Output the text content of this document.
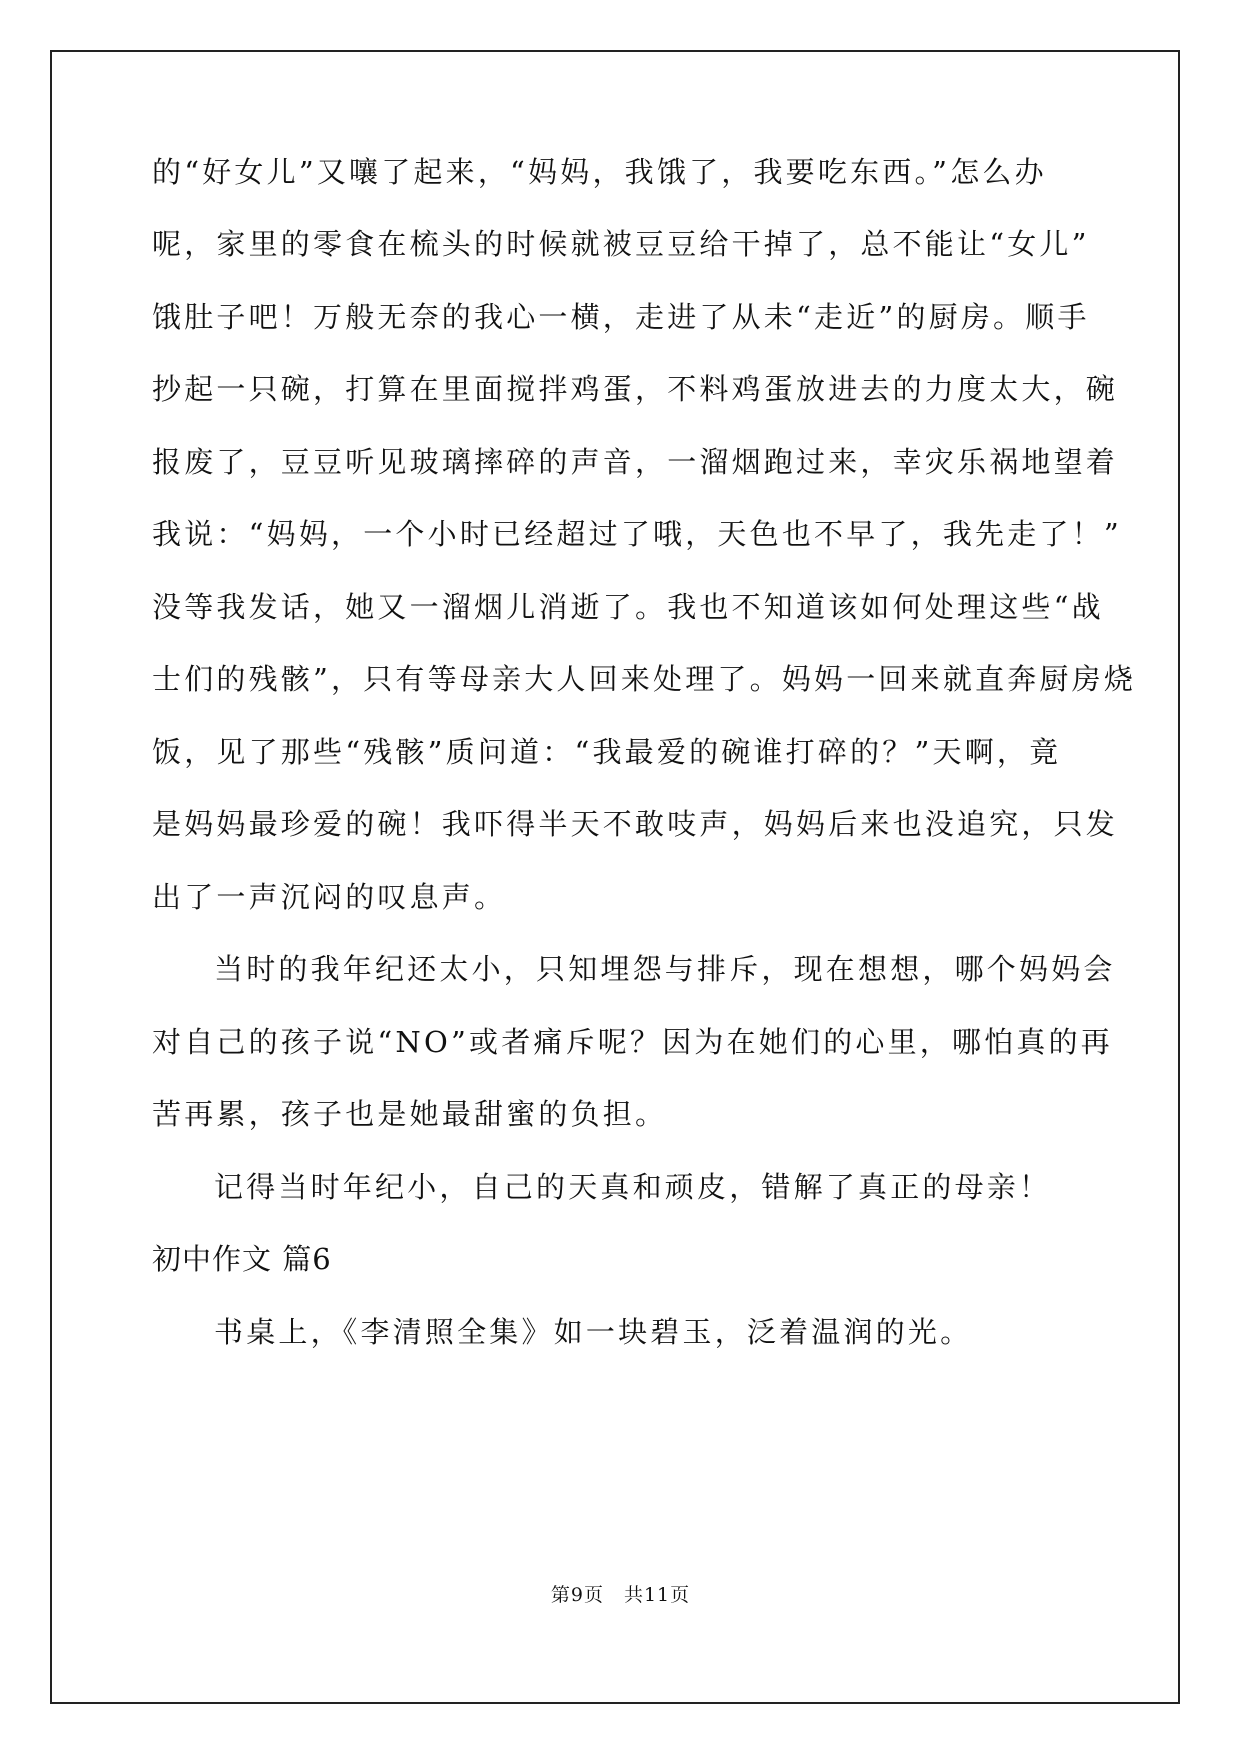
的“好女儿”又嚷了起来，“妈妈，我饿了，我要吃东西。”怎么办
呢，家里的零食在梳头的时候就被豆豆给干掉了，总不能让“女儿”
饿肚子吧！万般无奈的我心一横，走进了从未“走近”的厨房。顺手
抄起一只碗，打算在里面搅拌鸡蛋，不料鸡蛋放进去的力度太大，碗
报废了，豆豆听见玻璃摔碎的声音，一溜烟跑过来，幸灾乐祸地望着
我说：“妈妈，一个小时已经超过了哦，天色也不早了，我先走了！”
没等我发话，她又一溜烟儿消逝了。我也不知道该如何处理这些“战
士们的残骸”，只有等母亲大人回来处理了。妈妈一回来就直奔厨房烧
饭，见了那些“残骸”质问道：“我最爱的碗谁打碎的？”天啊，竟
是妈妈最珍爱的碗！我吓得半天不敢吱声，妈妈后来也没追究，只发
出了一声沉闷的叹息声。
当时的我年纪还太小，只知埋怨与排斥，现在想想，哪个妈妈会
对自己的孩子说“NO”或者痛斥呢？因为在她们的心里，哪怕真的再
苦再累，孩子也是她最甜蜜的负担。
记得当时年纪小，自己的天真和顽皮，错解了真正的母亲！
初中作文 篇6
书桌上，《李清照全集》如一块碧玉，泛着温润的光。
第9页　共11页
